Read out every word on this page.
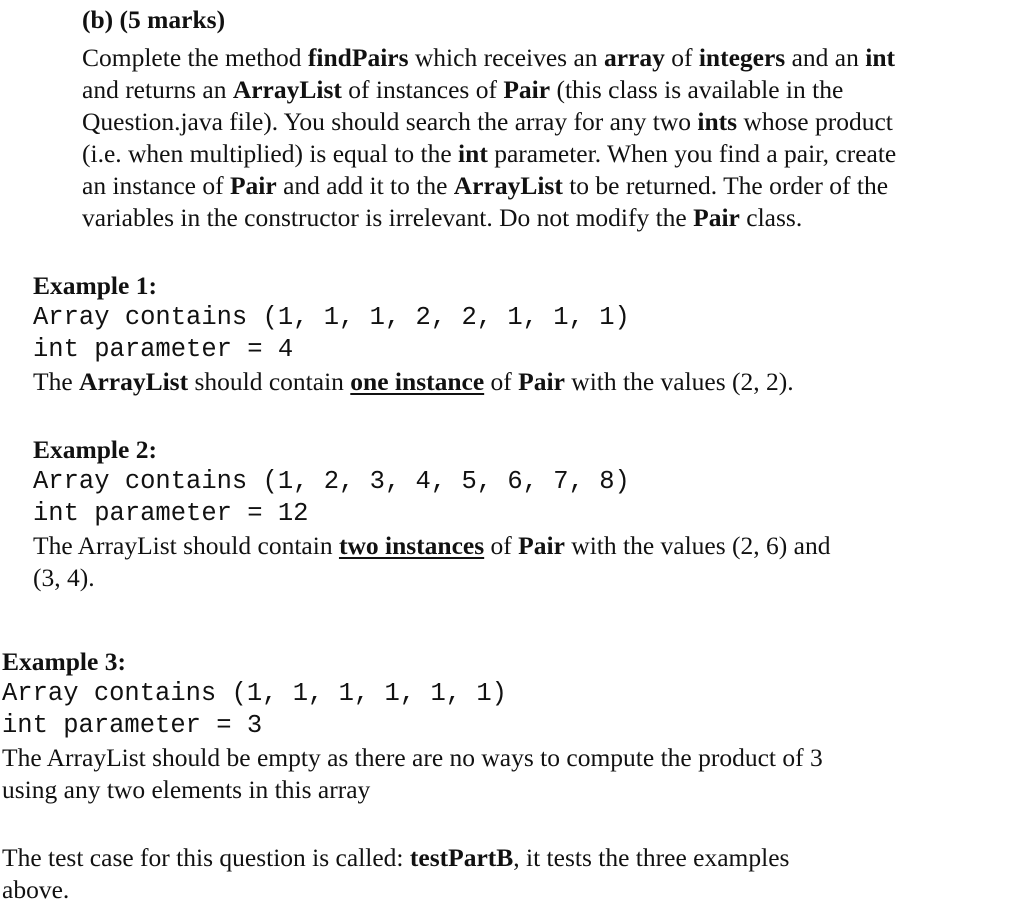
(b) (5 marks)
Complete the method findPairs which receives an array of integers and an int
and returns an ArrayList of instances of Pair (this class is available in the
Question.java file). You should search the array for any two ints whose product
(i.e. when multiplied) is equal to the int parameter. When you find a pair, create
an instance of Pair and add it to the ArrayList to be returned. The order of the
variables in the constructor is irrelevant. Do not modify the Pair class.
Example 1:
Array contains (1, 1, 1, 2, 2, 1, 1, 1)
int parameter = 4
The ArrayList should contain one instance of Pair with the values (2, 2).
Example 2:
Array contains (1, 2, 3, 4, 5, 6, 7, 8)
int parameter = 12
The ArrayList should contain two instances of Pair with the values (2, 6) and
(3, 4).
Example 3:
Array contains (1, 1, 1, 1, 1, 1)
int parameter = 3
The ArrayList should be empty as there are no ways to compute the product of 3
using any two elements in this array
The test case for this question is called: testPartB, it tests the three examples
above.
